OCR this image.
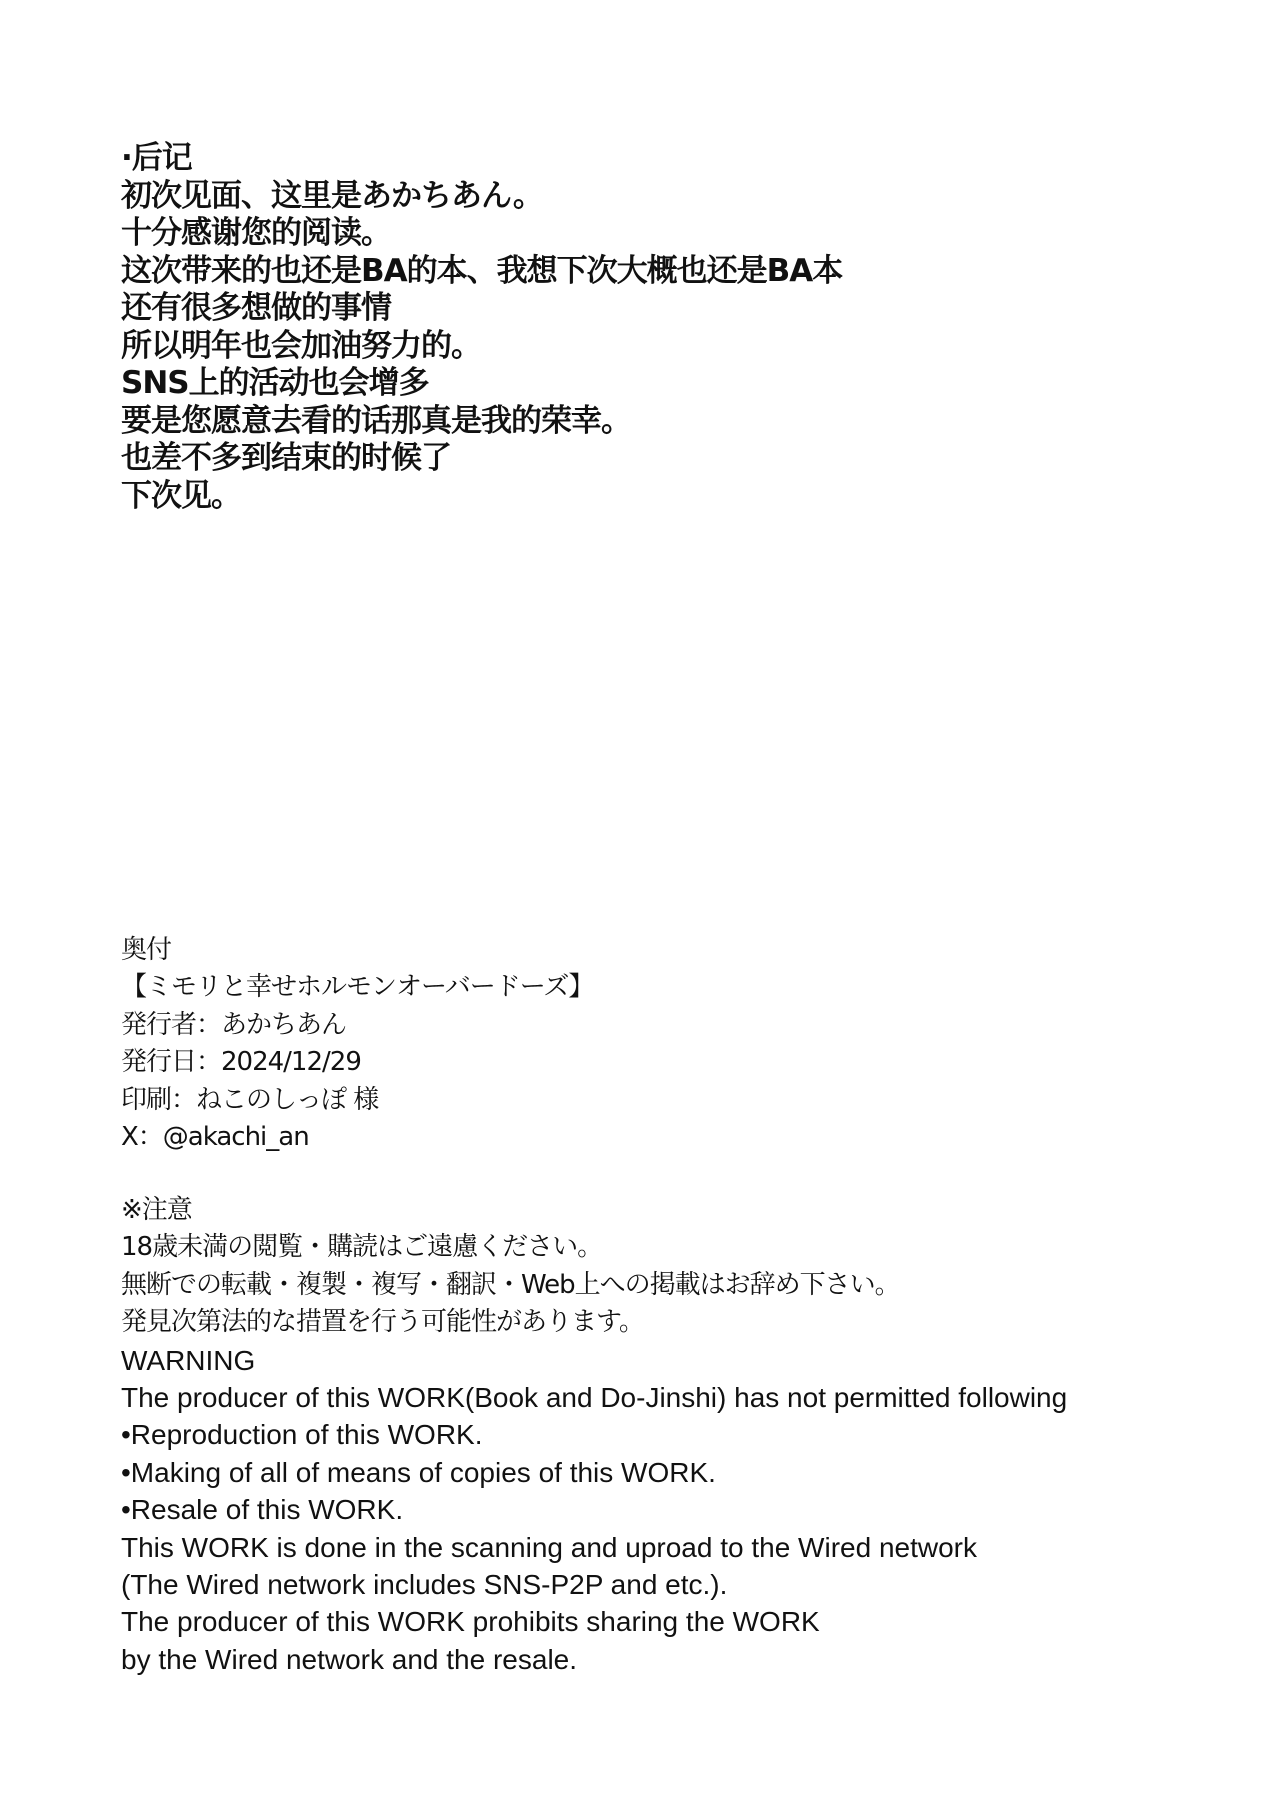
·后记
初次见面、这里是あかちあん。
十分感谢您的阅读。
这次带来的也还是BA的本、我想下次大概也还是BA本
还有很多想做的事情
所以明年也会加油努力的。
SNS上的活动也会增多
要是您愿意去看的话那真是我的荣幸。
也差不多到结束的时候了
下次见。
奥付
【ミモリと幸せホルモンオーバードーズ】
発行者：あかちあん
発行日：2024/12/29
印刷：ねこのしっぽ 様
X：@akachi_an
※注意
18歳未満の閲覧・購読はご遠慮ください。
無断での転載・複製・複写・翻訳・Web上への掲載はお辞め下さい。
発見次第法的な措置を行う可能性があります。
WARNING
The producer of this WORK(Book and Do-Jinshi) has not permitted following
•Reproduction of this WORK.
•Making of all of means of copies of this WORK.
•Resale of this WORK.
This WORK is done in the scanning and uproad to the Wired network
(The Wired network includes SNS-P2P and etc.).
The producer of this WORK prohibits sharing the WORK
by the Wired network and the resale.
